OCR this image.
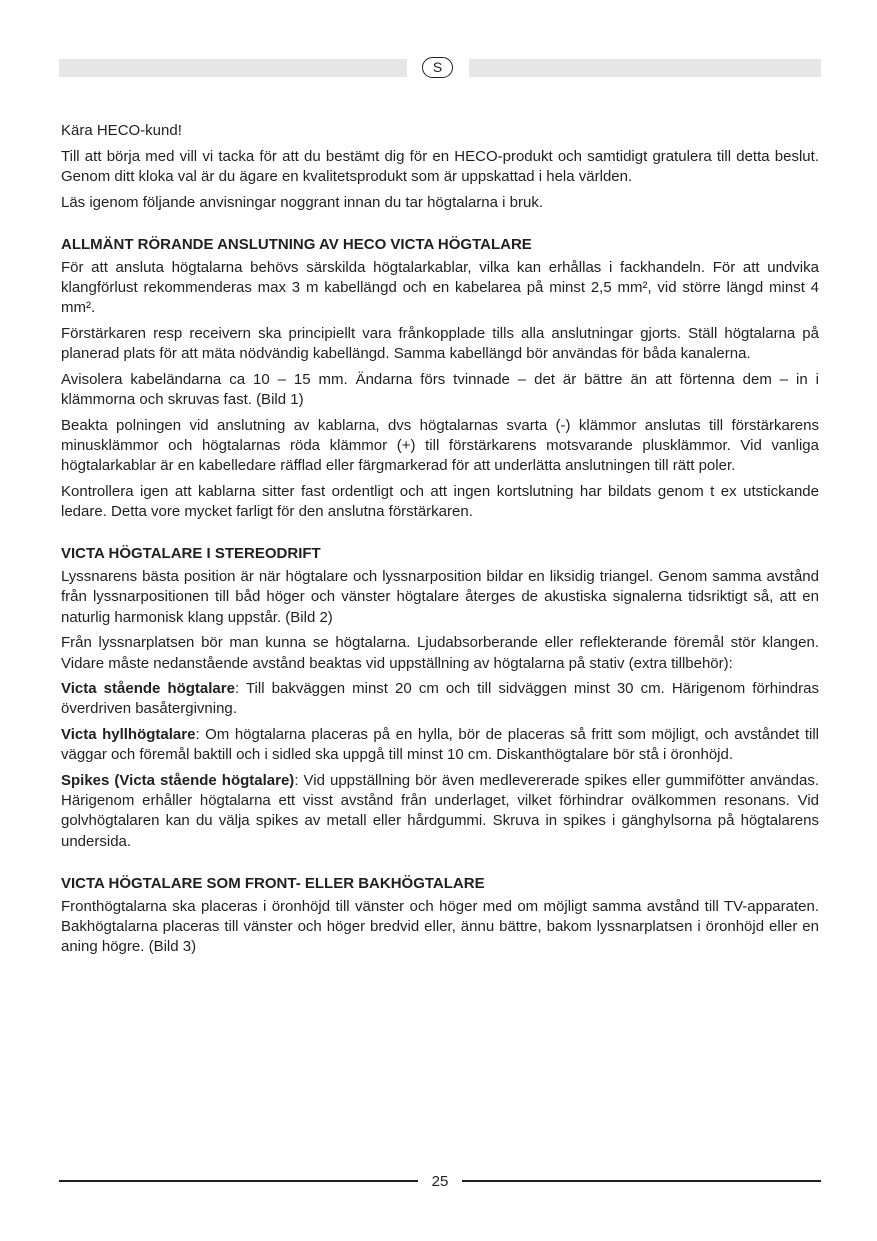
S

Kära HECO-kund!

Till att börja med vill vi tacka för att du bestämt dig för en HECO-produkt och samtidigt gratulera till detta beslut. Genom ditt kloka val är du ägare en kvalitetsprodukt som är uppskattad i hela världen.

Läs igenom följande anvisningar noggrant innan du tar högtalarna i bruk.

ALLMÄNT RÖRANDE ANSLUTNING AV HECO VICTA HÖGTALARE

För att ansluta högtalarna behövs särskilda högtalarkablar, vilka kan erhållas i fackhandeln. För att undvika klangförlust rekommenderas max 3 m kabellängd och en kabelarea på minst 2,5 mm², vid större längd minst 4 mm².

Förstärkaren resp receivern ska principiellt vara frånkopplade tills alla anslutningar gjorts. Ställ högtalarna på planerad plats för att mäta nödvändig kabellängd. Samma kabellängd bör användas för båda kanalerna.

Avisolera kabeländarna ca 10 – 15 mm. Ändarna förs tvinnade – det är bättre än att förtenna dem – in i klämmorna och skruvas fast. (Bild 1)

Beakta polningen vid anslutning av kablarna, dvs högtalarnas svarta (-) klämmor anslutas till förstärkarens minusklämmor och högtalarnas röda klämmor (+) till förstärkarens motsvarande plusklämmor. Vid vanliga högtalarkablar är en kabelledare räfflad eller färgmarkerad för att underlätta anslutningen till rätt poler.

Kontrollera igen att kablarna sitter fast ordentligt och att ingen kortslutning har bildats genom t ex utstickande ledare. Detta vore mycket farligt för den anslutna förstärkaren.

VICTA HÖGTALARE I STEREODRIFT

Lyssnarens bästa position är när högtalare och lyssnarposition bildar en liksidig triangel. Genom samma avstånd från lyssnarpositionen till båd höger och vänster högtalare återges de akustiska signalerna tidsriktigt så, att en naturlig harmonisk klang uppstår. (Bild 2)

Från lyssnarplatsen bör man kunna se högtalarna. Ljudabsorberande eller reflekterande föremål stör klangen. Vidare måste nedanstående avstånd beaktas vid uppställning av högtalarna på stativ (extra tillbehör):

Victa stående högtalare: Till bakväggen minst 20 cm och till sidväggen minst 30 cm. Härigenom förhindras överdriven basåtergivning.

Victa hyllhögtalare: Om högtalarna placeras på en hylla, bör de placeras så fritt som möjligt, och avståndet till väggar och föremål baktill och i sidled ska uppgå till minst 10 cm. Diskanthögtalare bör stå i öronhöjd.

Spikes (Victa stående högtalare): Vid uppställning bör även medlevererade spikes eller gummifötter användas. Härigenom erhåller högtalarna ett visst avstånd från underlaget, vilket förhindrar ovälkommen resonans. Vid golvhögtalaren kan du välja spikes av metall eller hårdgummi. Skruva in spikes i gänghylsorna på högtalarens undersida.

VICTA HÖGTALARE SOM FRONT- ELLER BAKHÖGTALARE

Fronthögtalarna ska placeras i öronhöjd till vänster och höger med om möjligt samma avstånd till TV-apparaten. Bakhögtalarna placeras till vänster och höger bredvid eller, ännu bättre, bakom lyssnarplatsen i öronhöjd eller en aning högre. (Bild 3)

25
